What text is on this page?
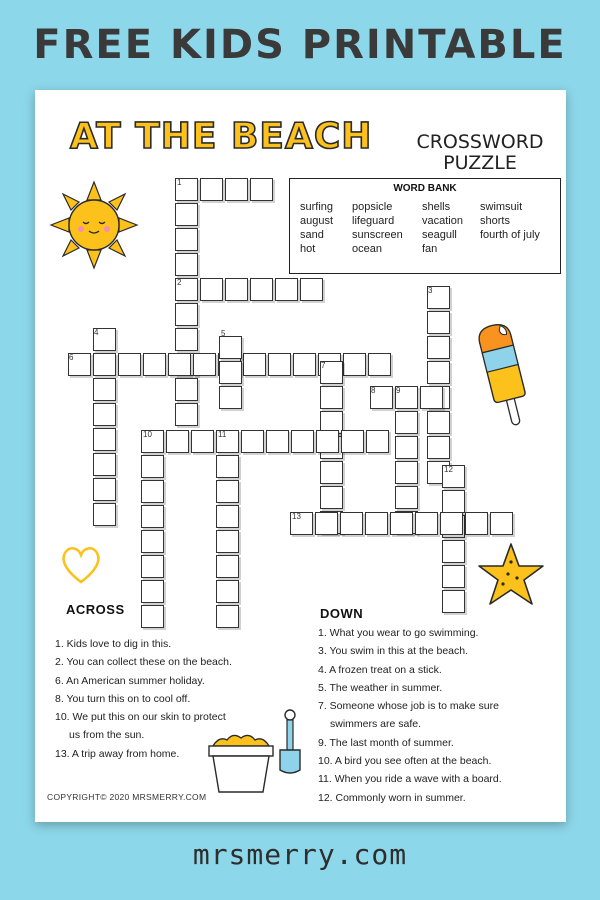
FREE KIDS PRINTABLE
AT THE BEACH	CROSSWORD
PUZZLE
WORD BANK
surfing	popsicle	shells	swimsuit
august	lifeguard	vacation	shorts
sand	sunscreen	seagull	fourth of july
hot	ocean	fan
1
2
3
4	5
6
7
8	9
10	11
12
13
ACROSS
1. Kids love to dig in this.
2. You can collect these on the beach.
6. An American summer holiday.
8. You turn this on to cool off.
10. We put this on our skin to protect
us from the sun.
13. A trip away from home.
DOWN
1. What you wear to go swimming.
3. You swim in this at the beach.
4. A frozen treat on a stick.
5. The weather in summer.
7. Someone whose job is to make sure
swimmers are safe.
9. The last month of summer.
10. A bird you see often at the beach.
11. When you ride a wave with a board.
12. Commonly worn in summer.
COPYRIGHT© 2020 MRSMERRY.COM
mrsmerry.com
